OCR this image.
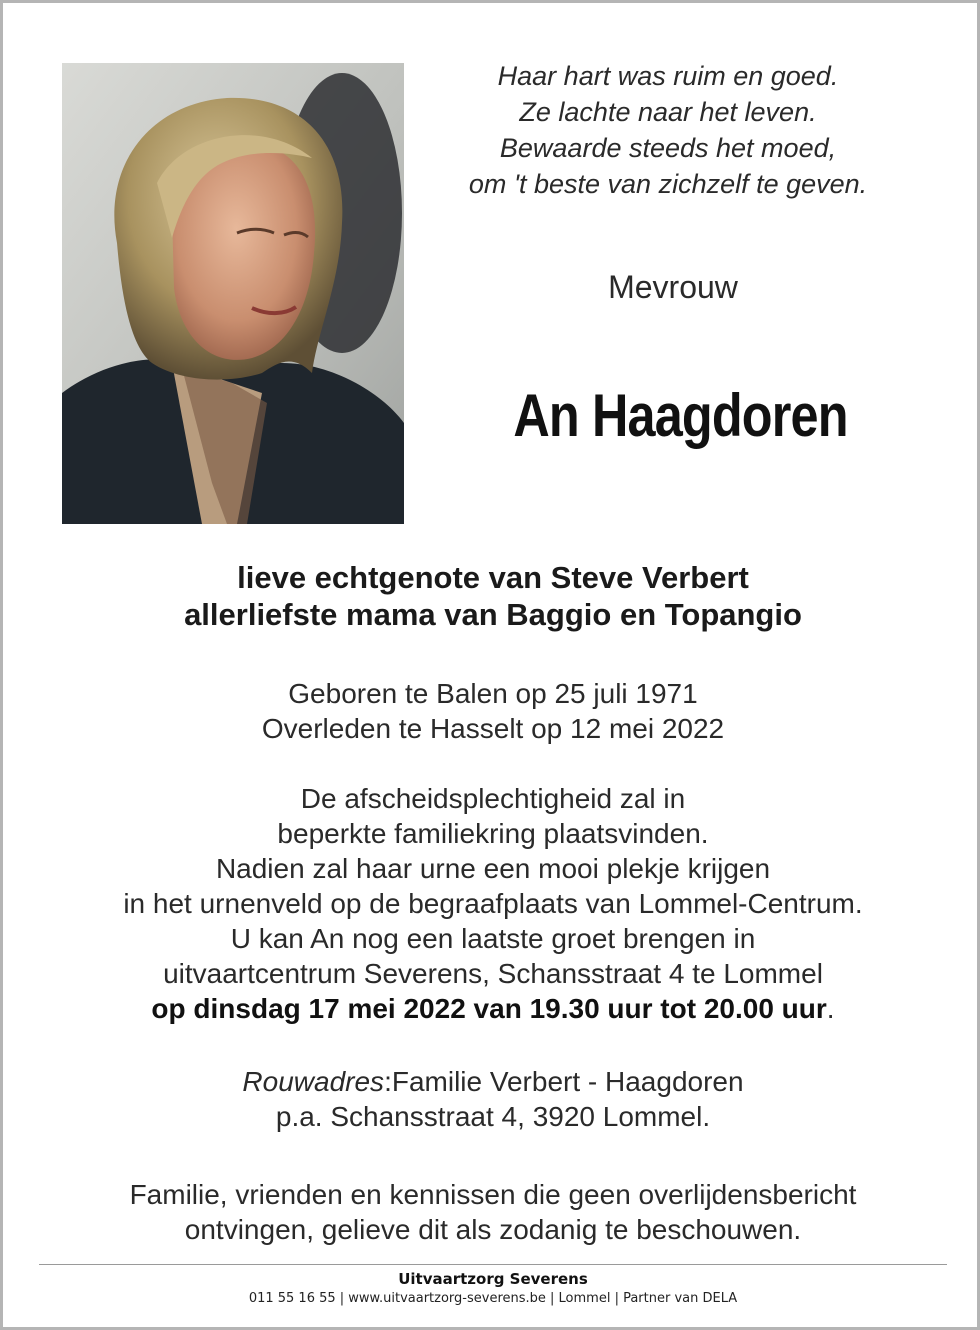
Haar hart was ruim en goed.
Ze lachte naar het leven.
Bewaarde steeds het moed,
om 't beste van zichzelf te geven.
Mevrouw
An Haagdoren
lieve echtgenote van Steve Verbert
allerliefste mama van Baggio en Topangio
Geboren te Balen op 25 juli 1971
Overleden te Hasselt op 12 mei 2022
De afscheidsplechtigheid zal in
beperkte familiekring plaatsvinden.
Nadien zal haar urne een mooi plekje krijgen
in het urnenveld op de begraafplaats van Lommel-Centrum.
U kan An nog een laatste groet brengen in
uitvaartcentrum Severens, Schansstraat 4 te Lommel
op dinsdag 17 mei 2022 van 19.30 uur tot 20.00 uur.
Rouwadres:Familie Verbert - Haagdoren
p.a. Schansstraat 4, 3920 Lommel.
Familie, vrienden en kennissen die geen overlijdensbericht
ontvingen, gelieve dit als zodanig te beschouwen.
Uitvaartzorg Severens
011 55 16 55 | www.uitvaartzorg-severens.be | Lommel | Partner van DELA
